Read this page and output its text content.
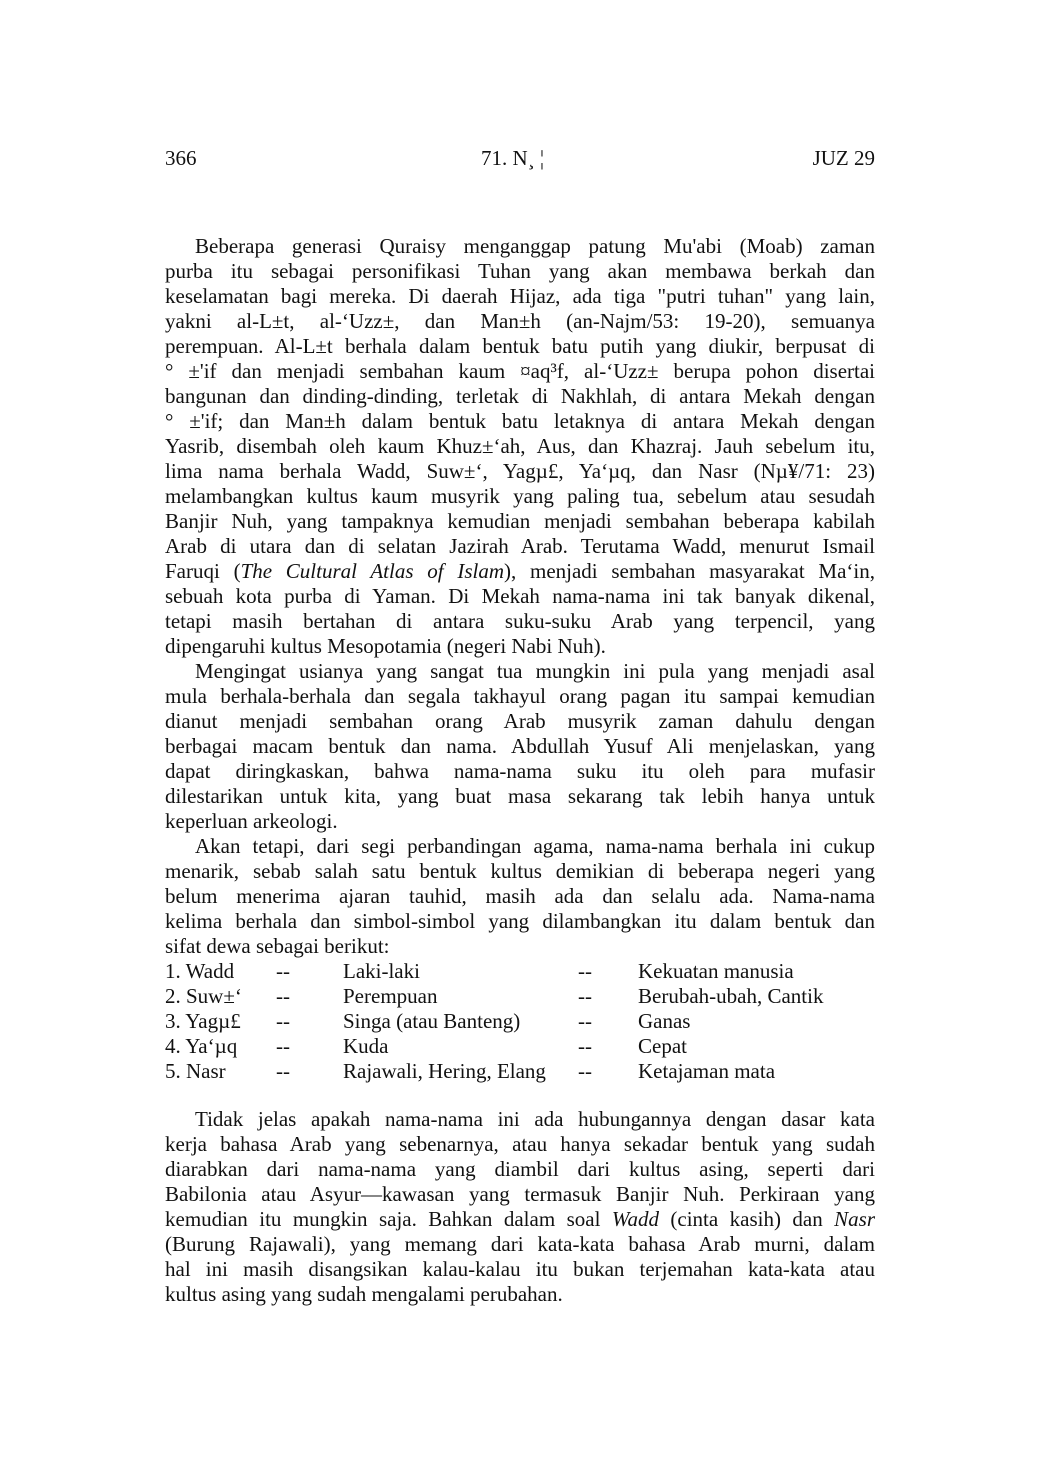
366	71. N¸ ¦	JUZ 29
Beberapa generasi Quraisy menganggap patung Mu'abi (Moab) zaman
purba itu sebagai personifikasi Tuhan yang akan membawa berkah dan
keselamatan bagi mereka. Di daerah Hijaz, ada tiga "putri tuhan" yang lain,
yakni al-L±t, al-‘Uzz±, dan Man±h (an-Najm/53: 19-20), semuanya
perempuan. Al-L±t berhala dalam bentuk batu putih yang diukir, berpusat di
° ±'if dan menjadi sembahan kaum ¤aq³f, al-‘Uzz± berupa pohon disertai
bangunan dan dinding-dinding, terletak di Nakhlah, di antara Mekah dengan
° ±'if; dan Man±h dalam bentuk batu letaknya di antara Mekah dengan
Yasrib, disembah oleh kaum Khuz±‘ah, Aus, dan Khazraj. Jauh sebelum itu,
lima nama berhala Wadd, Suw±‘, Yagµ£, Ya‘µq, dan Nasr (Nµ¥/71: 23)
melambangkan kultus kaum musyrik yang paling tua, sebelum atau sesudah
Banjir Nuh, yang tampaknya kemudian menjadi sembahan beberapa kabilah
Arab di utara dan di selatan Jazirah Arab. Terutama Wadd, menurut Ismail
Faruqi (The Cultural Atlas of Islam), menjadi sembahan masyarakat Ma‘in,
sebuah kota purba di Yaman. Di Mekah nama-nama ini tak banyak dikenal,
tetapi masih bertahan di antara suku-suku Arab yang terpencil, yang
dipengaruhi kultus Mesopotamia (negeri Nabi Nuh).
Mengingat usianya yang sangat tua mungkin ini pula yang menjadi asal
mula berhala-berhala dan segala takhayul orang pagan itu sampai kemudian
dianut menjadi sembahan orang Arab musyrik zaman dahulu dengan
berbagai macam bentuk dan nama. Abdullah Yusuf Ali menjelaskan, yang
dapat diringkaskan, bahwa nama-nama suku itu oleh para mufasir
dilestarikan untuk kita, yang buat masa sekarang tak lebih hanya untuk
keperluan arkeologi.
Akan tetapi, dari segi perbandingan agama, nama-nama berhala ini cukup
menarik, sebab salah satu bentuk kultus demikian di beberapa negeri yang
belum menerima ajaran tauhid, masih ada dan selalu ada. Nama-nama
kelima berhala dan simbol-simbol yang dilambangkan itu dalam bentuk dan
sifat dewa sebagai berikut:
1. Wadd --	Laki-laki	-- Kekuatan manusia
2. Suw±‘ --	Perempuan	-- Berubah-ubah, Cantik
3. Yagµ£ --	Singa (atau Banteng)	-- Ganas
4. Ya‘µq --	Kuda	-- Cepat
5. Nasr --	Rajawali, Hering, Elang -- Ketajaman mata
Tidak jelas apakah nama-nama ini ada hubungannya dengan dasar kata
kerja bahasa Arab yang sebenarnya, atau hanya sekadar bentuk yang sudah
diarabkan dari nama-nama yang diambil dari kultus asing, seperti dari
Babilonia atau Asyur—kawasan yang termasuk Banjir Nuh. Perkiraan yang
kemudian itu mungkin saja. Bahkan dalam soal Wadd (cinta kasih) dan Nasr
(Burung Rajawali), yang memang dari kata-kata bahasa Arab murni, dalam
hal ini masih disangsikan kalau-kalau itu bukan terjemahan kata-kata atau
kultus asing yang sudah mengalami perubahan.
